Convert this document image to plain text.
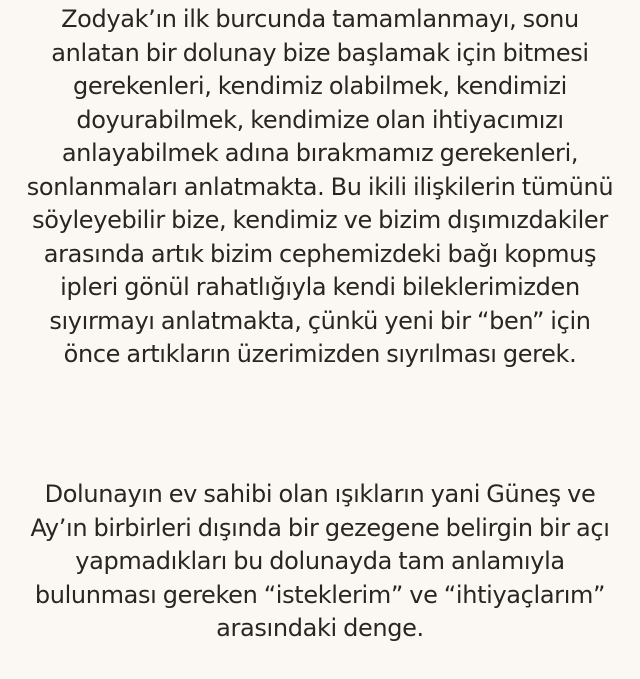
Zodyak’ın ilk burcunda tamamlanmayı, sonu
anlatan bir dolunay bize başlamak için bitmesi
gerekenleri, kendimiz olabilmek, kendimizi
doyurabilmek, kendimize olan ihtiyacımızı
anlayabilmek adına bırakmamız gerekenleri,
sonlanmaları anlatmakta. Bu ikili ilişkilerin tümünü
söyleyebilir bize, kendimiz ve bizim dışımızdakiler
arasında artık bizim cephemizdeki bağı kopmuş
ipleri gönül rahatlığıyla kendi bileklerimizden
sıyırmayı anlatmakta, çünkü yeni bir “ben” için
önce artıkların üzerimizden sıyrılması gerek.

Dolunayın ev sahibi olan ışıkların yani Güneş ve
Ay’ın birbirleri dışında bir gezegene belirgin bir açı
yapmadıkları bu dolunayda tam anlamıyla
bulunması gereken “isteklerim” ve “ihtiyaçlarım”
arasındaki denge.
